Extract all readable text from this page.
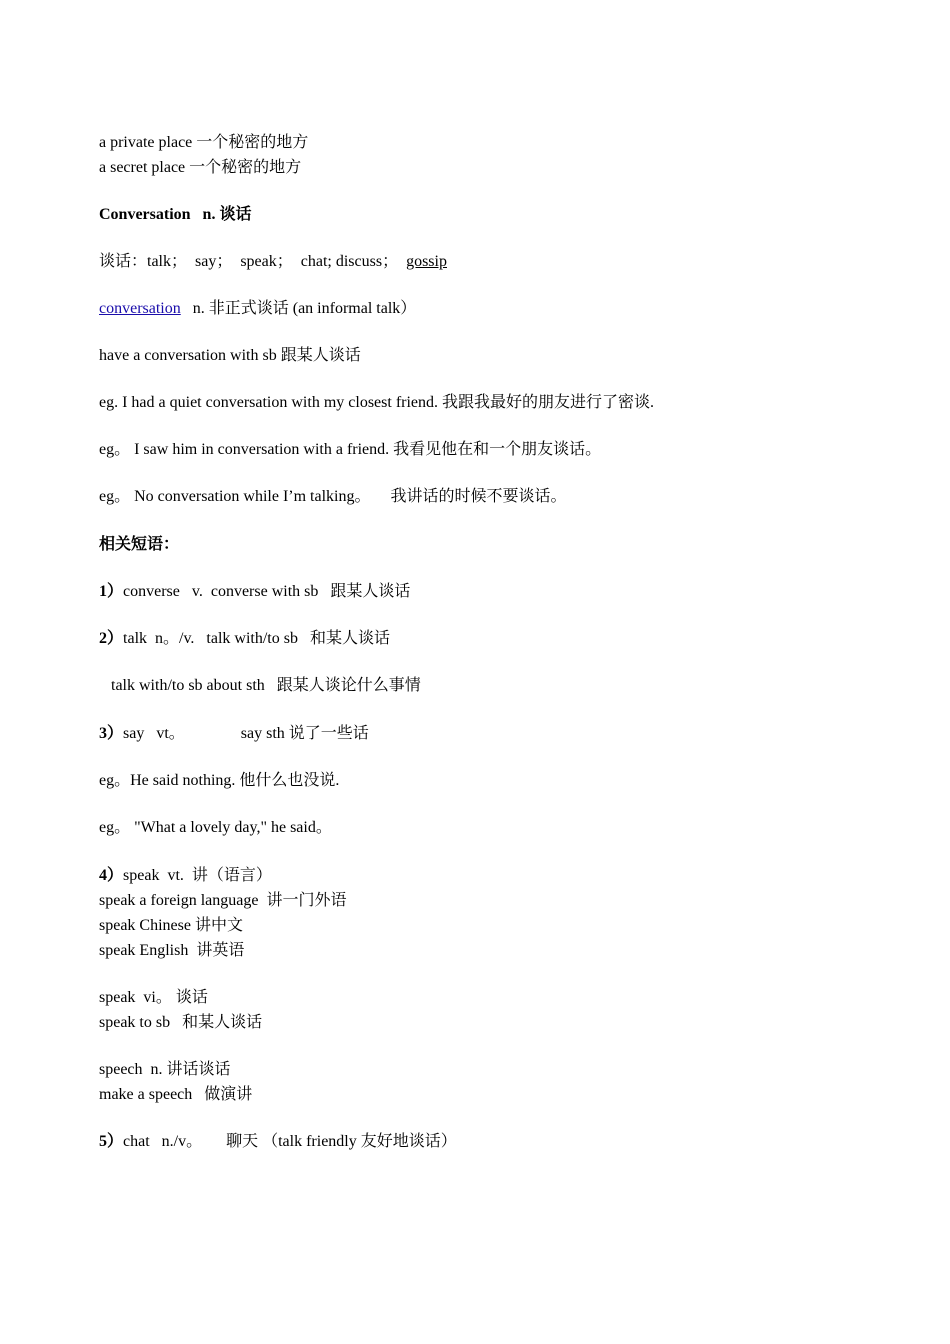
a private place 一个秘密的地方
a secret place 一个秘密的地方
Conversation   n. 谈话
谈话：talk；  say；  speak；  chat; discuss；  gossip
conversation   n. 非正式谈话 (an informal talk）
have a conversation with sb 跟某人谈话
eg. I had a quiet conversation with my closest friend. 我跟我最好的朋友进行了密谈.
eg。 I saw him in conversation with a friend. 我看见他在和一个朋友谈话。
eg。 No conversation while I’m talking。     我讲话的时候不要谈话。
相关短语：
1）converse   v.  converse with sb   跟某人谈话
2）talk  n。/v.   talk with/to sb   和某人谈话
talk with/to sb about sth   跟某人谈论什么事情
3）say   vt。              say sth 说了一些话
eg。He said nothing. 他什么也没说.
eg。 "What a lovely day," he said。
4）speak  vt.  讲（语言）
speak a foreign language  讲一门外语
speak Chinese 讲中文
speak English  讲英语
speak  vi。 谈话
speak to sb   和某人谈话
speech  n. 讲话谈话
make a speech   做演讲
5）chat   n./v。      聊天 （talk friendly 友好地谈话）
